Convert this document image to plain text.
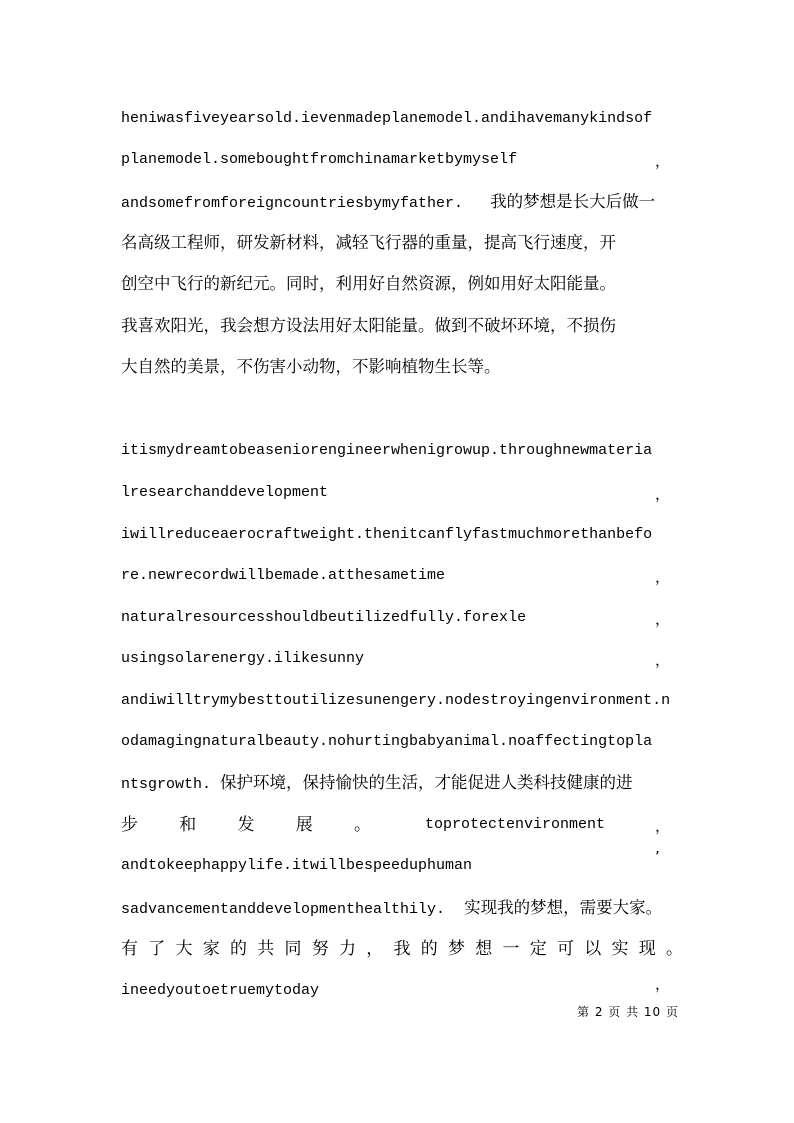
heniwasfiveyearsold.ievenmadeplanemodel.andihavemanykindsof
planemodel.someboughtfromchinamarketbymyself	，
andsomefromforeigncountriesbymyfather. 我的梦想是长大后做一
名高级工程师，研发新材料，减轻飞行器的重量，提高飞行速度，开
创空中飞行的新纪元。同时，利用好自然资源，例如用好太阳能量。
我喜欢阳光，我会想方设法用好太阳能量。做到不破坏环境，不损伤
大自然的美景，不伤害小动物，不影响植物生长等。
itismydreamtobeaseniorengineerwhenigrowup.throughnewmateria
lresearchanddevelopment	，
iwillreduceaerocraftweight.thenitcanflyfastmuchmorethanbefo
re.newrecordwillbemade.atthesametime	，
naturalresourcesshouldbeutilizedfully.forexle	，
usingsolarenergy.ilikesunny	，
andiwilltrymybesttoutilizesunengery.nodestroyingenvironment.n
odamagingnaturalbeauty.nohurtingbabyanimal.noaffectingtopla
ntsgrowth. 保护环境，保持愉快的生活，才能促进人类科技健康的进
步 和 发 展 。	toprotectenvironment	，
andtokeephappylife.itwillbespeeduphuman	’
sadvancementanddevelopmenthealthily. 实现我的梦想，需要大家。
有 了 大 家 的 共 同 努 力 ， 我 的 梦 想 一 定 可 以 实 现 。
，
ineedyoutoetruemytoday
第 2 页 共 10 页
